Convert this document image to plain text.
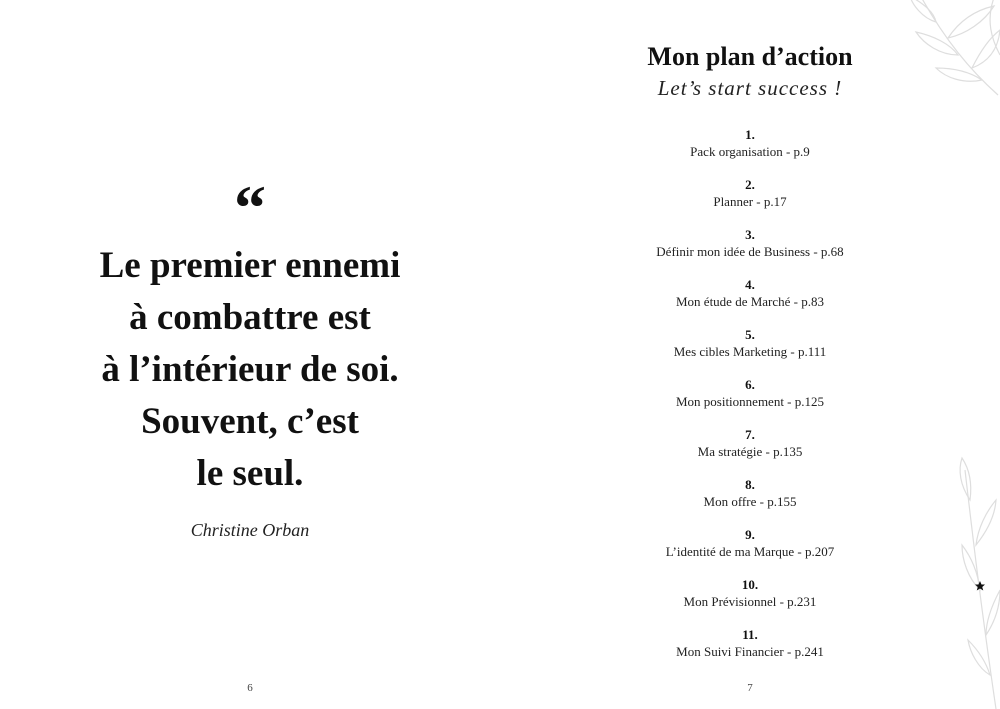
“
Le premier ennemi
à combattre est
à l’intérieur de soi.
Souvent, c’est
le seul.
Christine Orban
6
Mon plan d’action
Let’s start success !
1.
Pack organisation - p.9
2.
Planner - p.17
3.
Définir mon idée de Business - p.68
4.
Mon étude de Marché - p.83
5.
Mes cibles Marketing - p.111
6.
Mon positionnement - p.125
7.
Ma stratégie - p.135
8.
Mon offre - p.155
9.
L’identité de ma Marque - p.207
10.
Mon Prévisionnel - p.231
11.
Mon Suivi Financier - p.241
7
